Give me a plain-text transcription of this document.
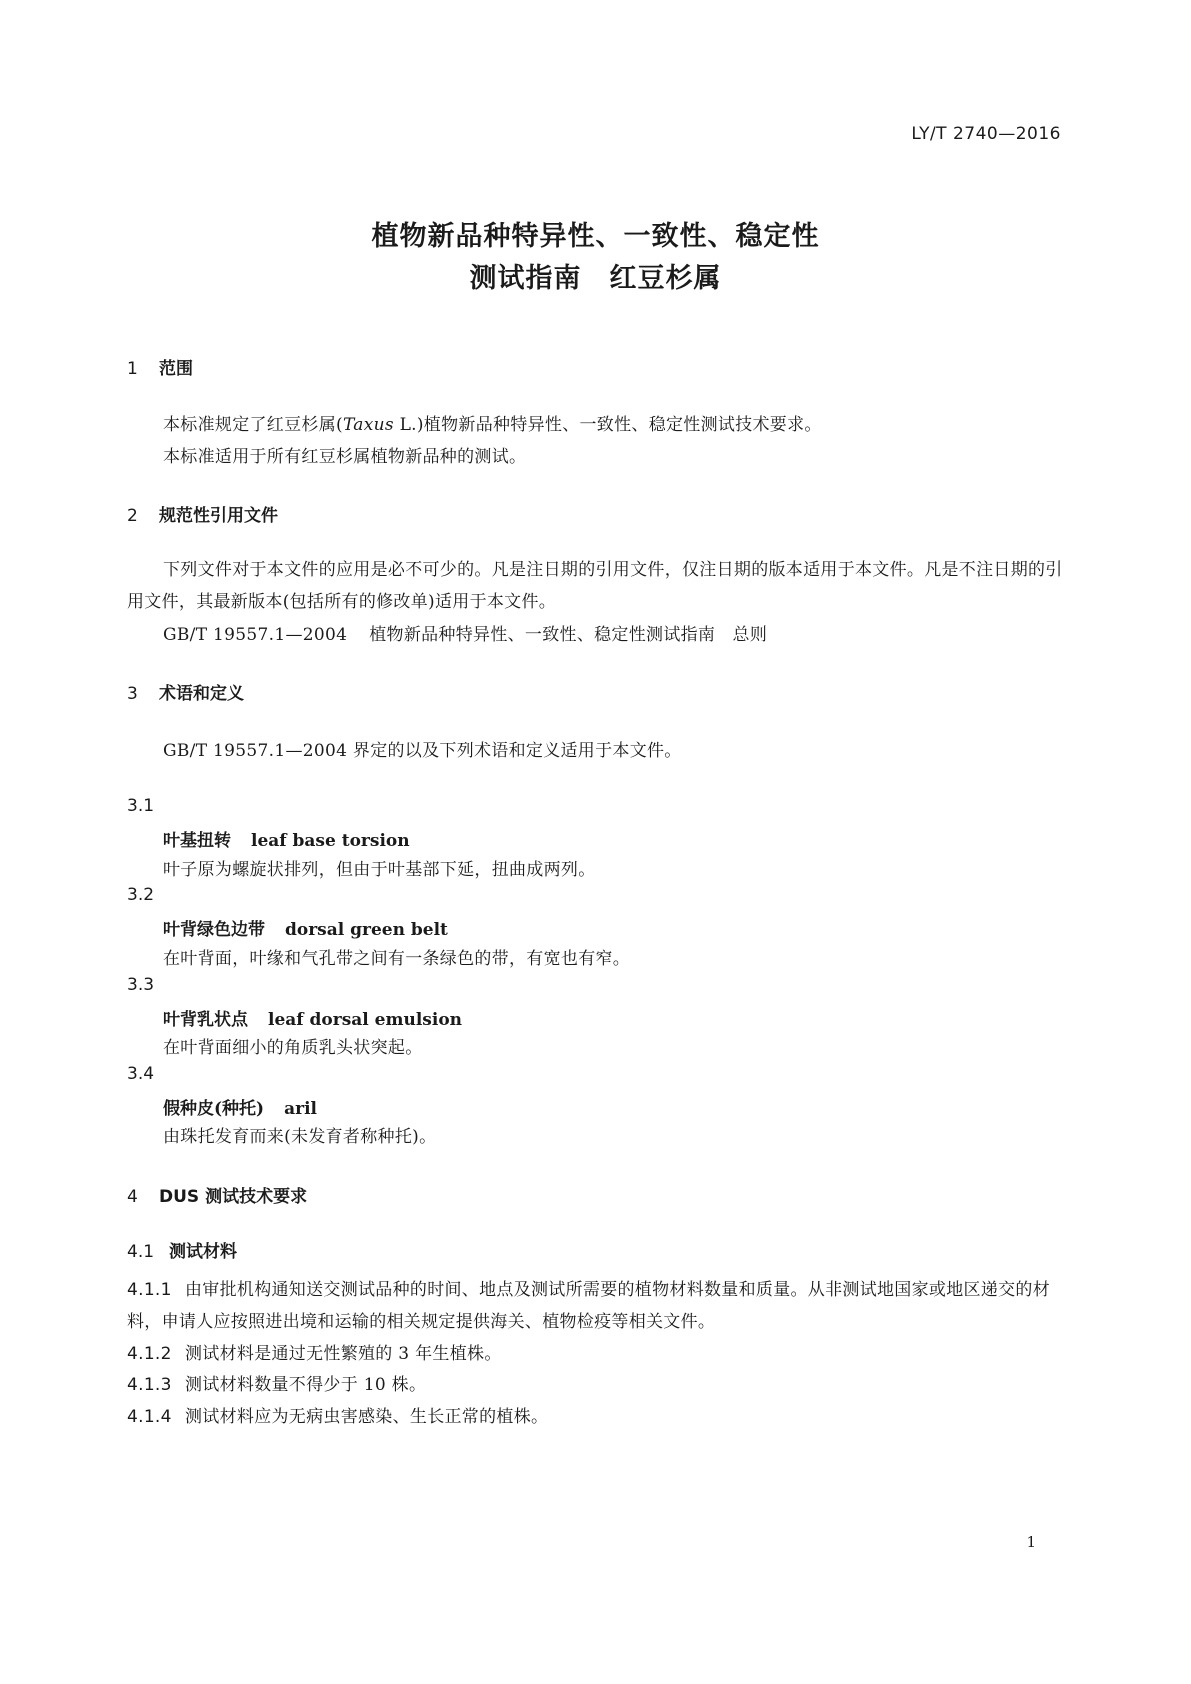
LY/T 2740—2016
植物新品种特异性、一致性、稳定性
测试指南　红豆杉属
1 范围
本标准规定了红豆杉属(Taxus L.)植物新品种特异性、一致性、稳定性测试技术要求。
本标准适用于所有红豆杉属植物新品种的测试。
2 规范性引用文件
下列文件对于本文件的应用是必不可少的。凡是注日期的引用文件，仅注日期的版本适用于本文件。凡是不注日期的引用文件，其最新版本(包括所有的修改单)适用于本文件。
GB/T 19557.1—2004 植物新品种特异性、一致性、稳定性测试指南　总则
3 术语和定义
GB/T 19557.1—2004 界定的以及下列术语和定义适用于本文件。
3.1
叶基扭转 leaf base torsion
叶子原为螺旋状排列，但由于叶基部下延，扭曲成两列。
3.2
叶背绿色边带 dorsal green belt
在叶背面，叶缘和气孔带之间有一条绿色的带，有宽也有窄。
3.3
叶背乳状点 leaf dorsal emulsion
在叶背面细小的角质乳头状突起。
3.4
假种皮(种托) aril
由珠托发育而来(未发育者称种托)。
4 DUS 测试技术要求
4.1 测试材料
4.1.1 由审批机构通知送交测试品种的时间、地点及测试所需要的植物材料数量和质量。从非测试地国家或地区递交的材料，申请人应按照进出境和运输的相关规定提供海关、植物检疫等相关文件。
4.1.2 测试材料是通过无性繁殖的 3 年生植株。
4.1.3 测试材料数量不得少于 10 株。
4.1.4 测试材料应为无病虫害感染、生长正常的植株。
1
